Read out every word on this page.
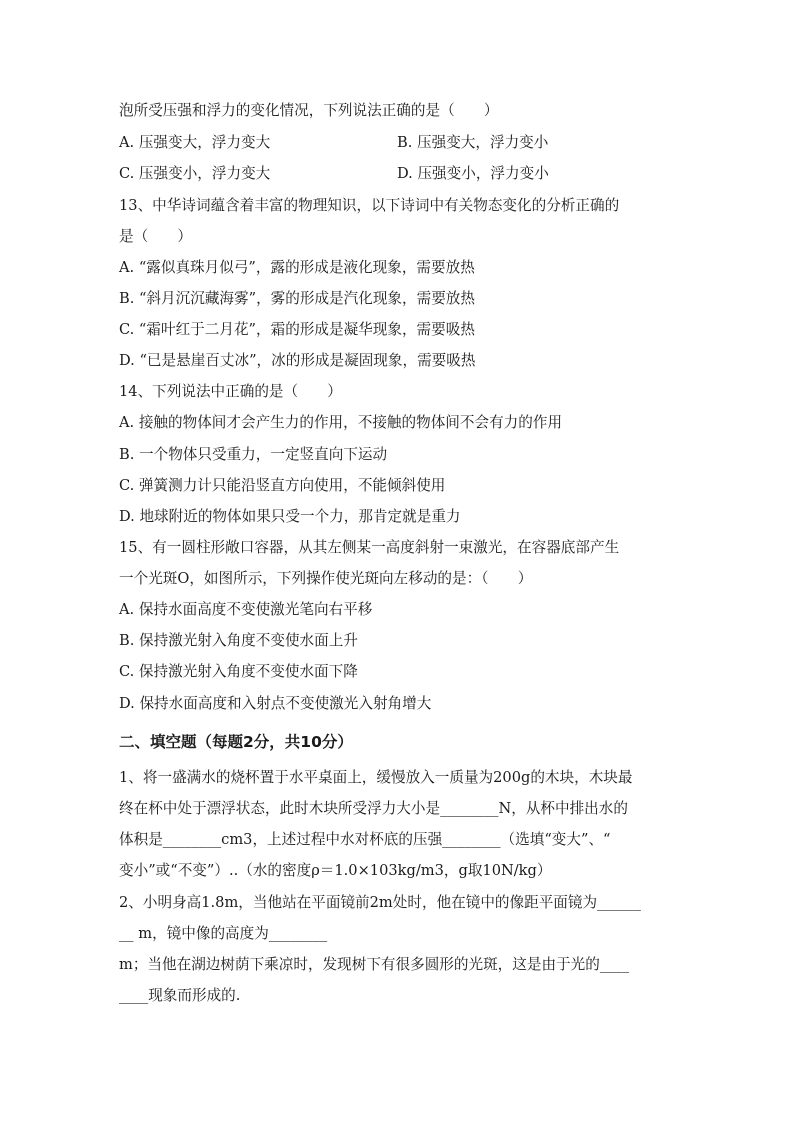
泡所受压强和浮力的变化情况，下列说法正确的是（　　）
A. 压强变大，浮力变大	B. 压强变大，浮力变小
C. 压强变小，浮力变大	D. 压强变小，浮力变小
13、中华诗词蕴含着丰富的物理知识，以下诗词中有关物态变化的分析正确的
是（　　）
A. “露似真珠月似弓”，露的形成是液化现象，需要放热
B. “斜月沉沉藏海雾”，雾的形成是汽化现象，需要放热
C. “霜叶红于二月花”，霜的形成是凝华现象，需要吸热
D. “已是悬崖百丈冰”，冰的形成是凝固现象，需要吸热
14、下列说法中正确的是（　　）
A. 接触的物体间才会产生力的作用，不接触的物体间不会有力的作用
B. 一个物体只受重力，一定竖直向下运动
C. 弹簧测力计只能沿竖直方向使用，不能倾斜使用
D. 地球附近的物体如果只受一个力，那肯定就是重力
15、有一圆柱形敞口容器，从其左侧某一高度斜射一束激光，在容器底部产生
一个光斑O，如图所示，下列操作使光斑向左移动的是：（　　）
A. 保持水面高度不变使激光笔向右平移
B. 保持激光射入角度不变使水面上升
C. 保持激光射入角度不变使水面下降
D. 保持水面高度和入射点不变使激光入射角增大
二、填空题（每题2分，共10分）
1、将一盛满水的烧杯置于水平桌面上，缓慢放入一质量为200g的木块，木块最
终在杯中处于漂浮状态，此时木块所受浮力大小是________N，从杯中排出水的
体积是________cm3，上述过程中水对杯底的压强________（选填“变大”、“
变小”或“不变”）..（水的密度ρ＝1.0×103kg/m3，g取10N/kg）
2、小明身高1.8m，当他站在平面镜前2m处时，他在镜中的像距平面镜为______
__ m，镜中像的高度为________
m；当他在湖边树荫下乘凉时，发现树下有很多圆形的光斑，这是由于光的____
____现象而形成的.
